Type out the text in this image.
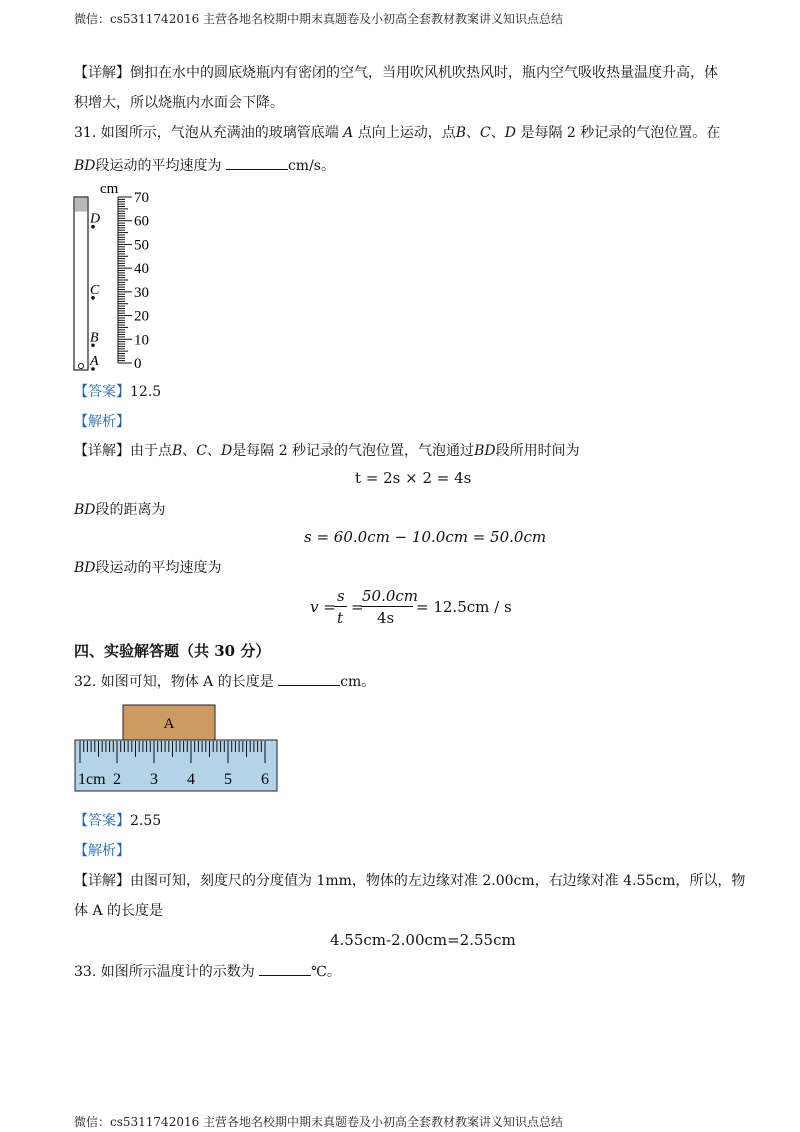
微信：cs5311742016 主营各地名校期中期末真题卷及小初高全套教材教案讲义知识点总结
【详解】倒扣在水中的圆底烧瓶内有密闭的空气，当用吹风机吹热风时，瓶内空气吸收热量温度升高，体
积增大，所以烧瓶内水面会下降。
31. 如图所示，气泡从充满油的玻璃管底端 A 点向上运动，点B、C、D 是每隔 2 秒记录的气泡位置。在
BD段运动的平均速度为	cm/s。
cm
70
60
50
40
30
20
10
0
D
C
B
A
【答案】12.5
【解析】
【详解】由于点B、C、D是每隔 2 秒记录的气泡位置，气泡通过BD段所用时间为
t = 2s × 2 = 4s
BD段的距离为
s = 60.0cm − 10.0cm = 50.0cm
BD段运动的平均速度为
v =
s
t
=
50.0cm
4s
= 12.5cm / s
四、实验解答题（共 30 分）
32. 如图可知，物体 A 的长度是	cm。
A
1cm 2 3 4 5 6
【答案】2.55
【解析】
【详解】由图可知，刻度尺的分度值为 1mm，物体的左边缘对准 2.00cm，右边缘对准 4.55cm，所以，物
体 A 的长度是
4.55cm-2.00cm=2.55cm
33. 如图所示温度计的示数为	℃。
微信：cs5311742016 主营各地名校期中期末真题卷及小初高全套教材教案讲义知识点总结
